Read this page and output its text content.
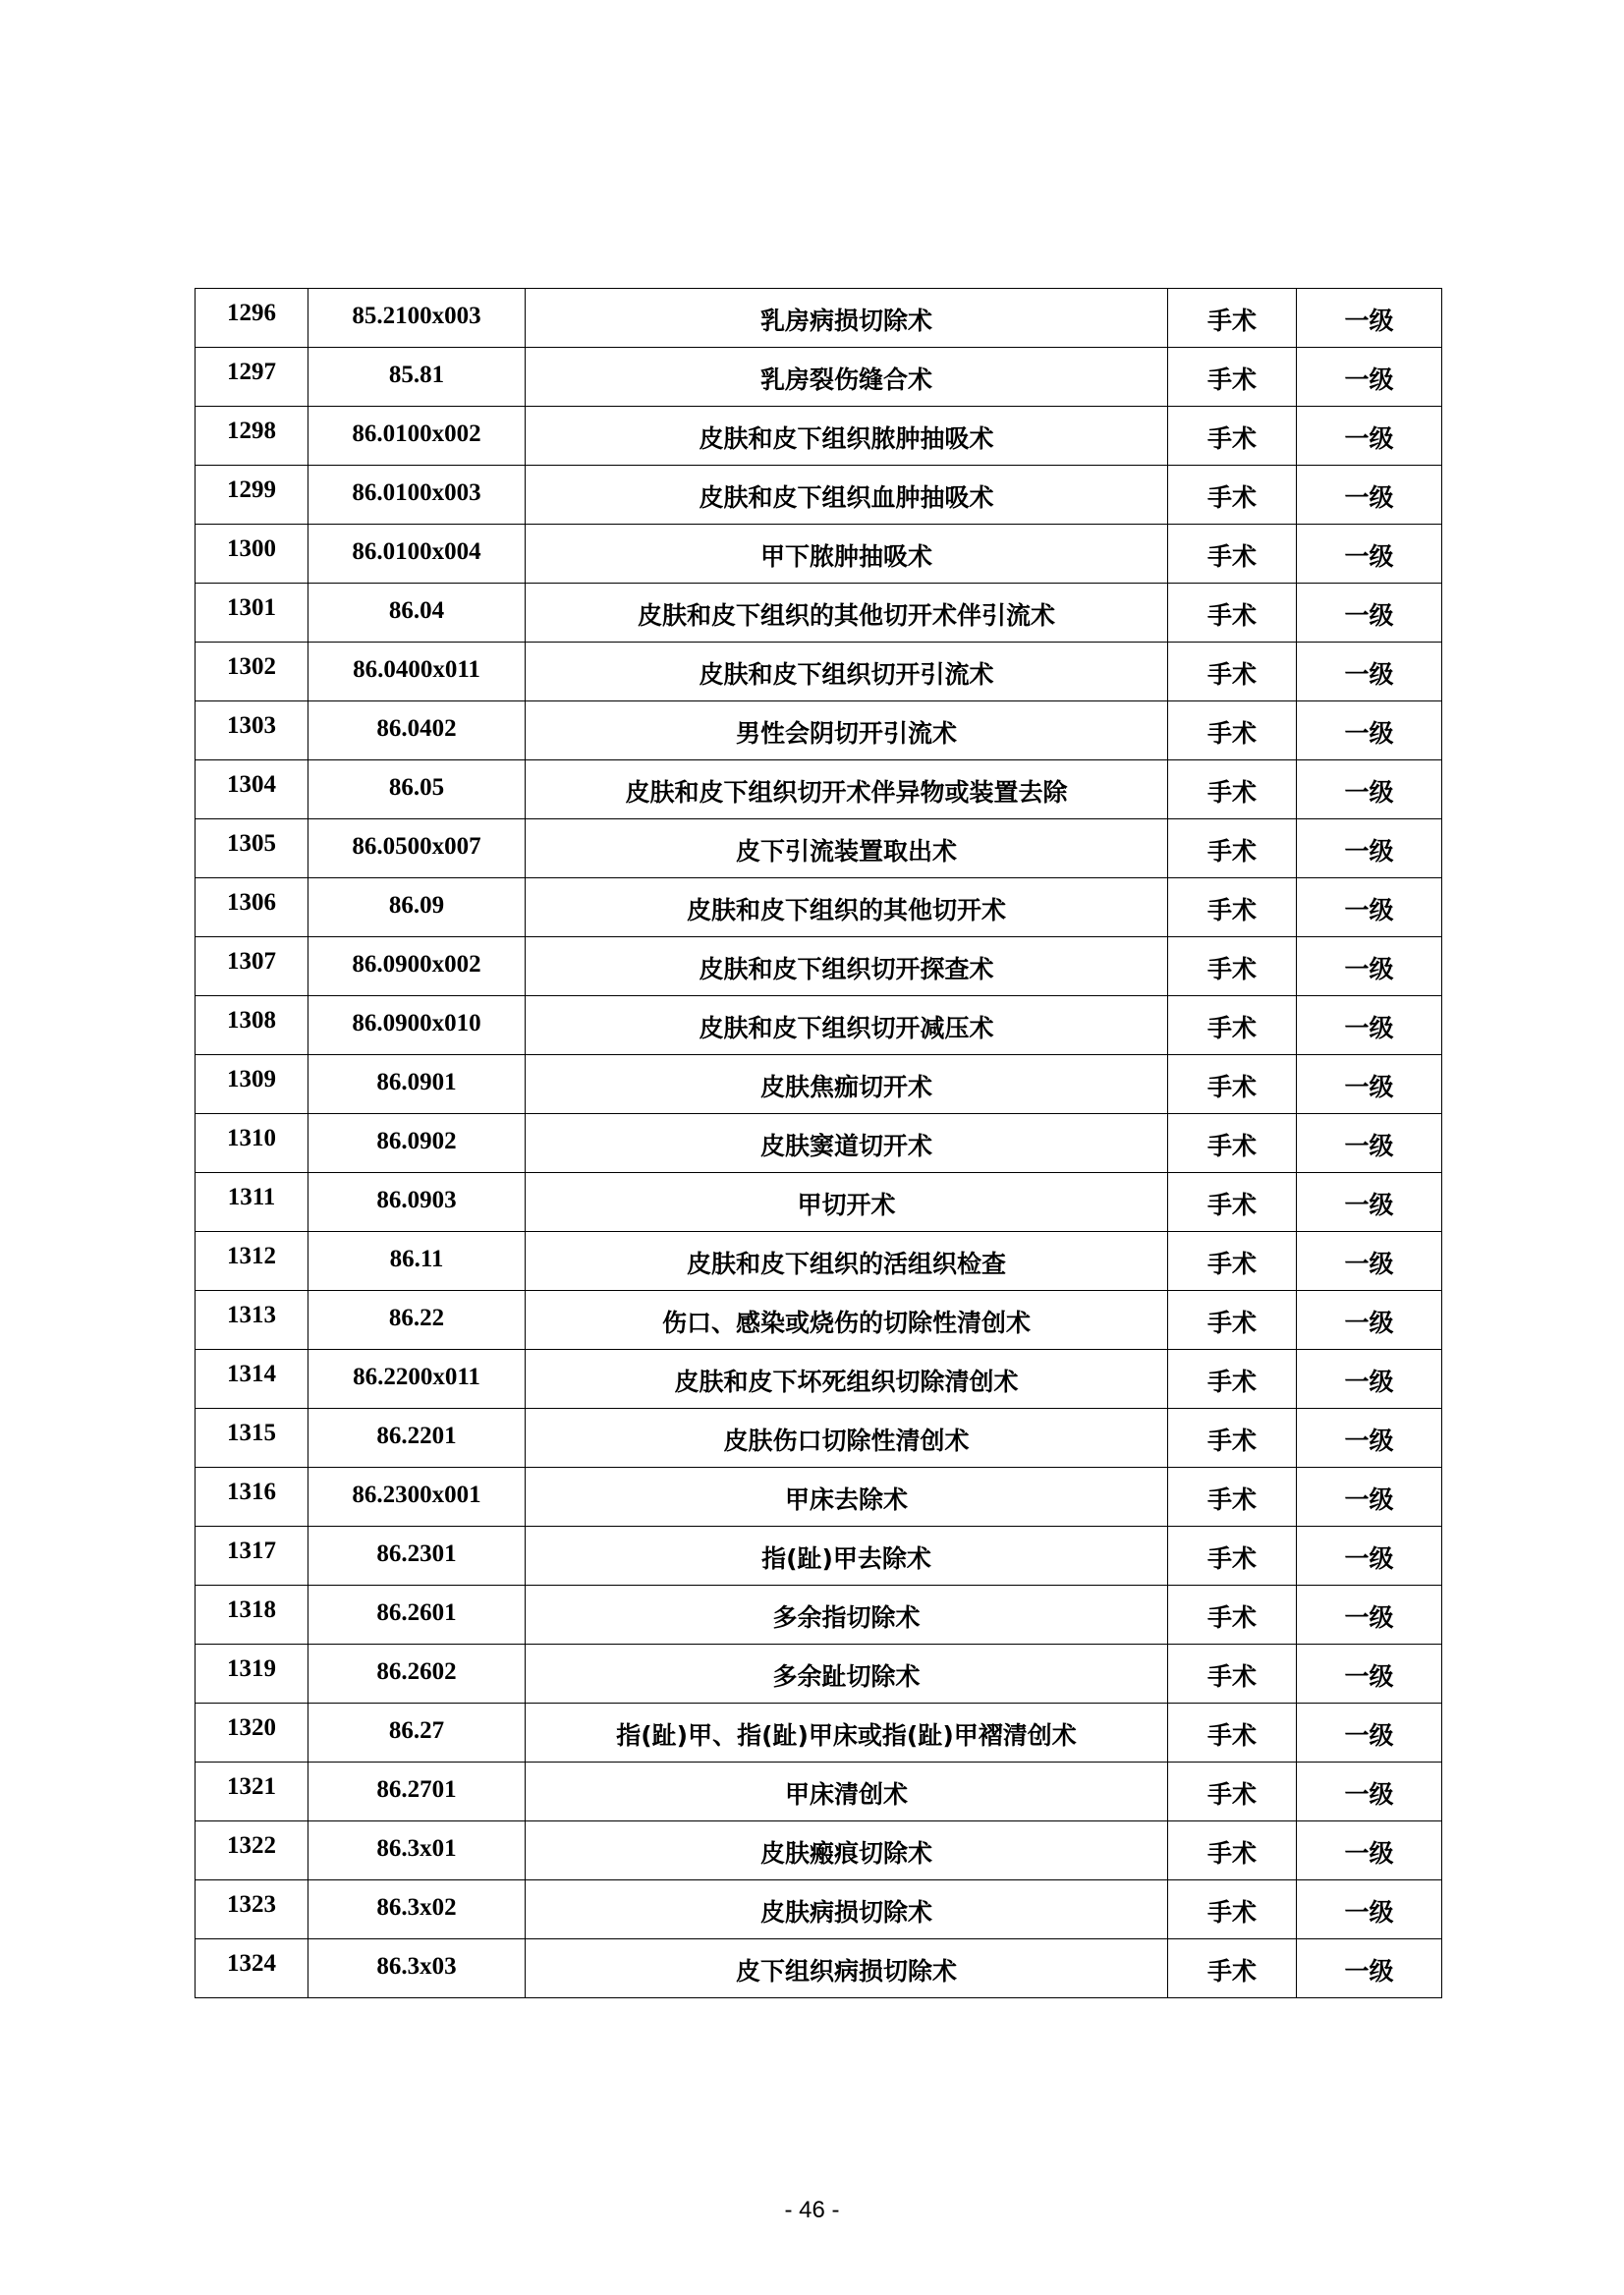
1296	85.2100x003	乳房病损切除术	手术	一级
1297	85.81	乳房裂伤缝合术	手术	一级
1298	86.0100x002	皮肤和皮下组织脓肿抽吸术	手术	一级
1299	86.0100x003	皮肤和皮下组织血肿抽吸术	手术	一级
1300	86.0100x004	甲下脓肿抽吸术	手术	一级
1301	86.04	皮肤和皮下组织的其他切开术伴引流术	手术	一级
1302	86.0400x011	皮肤和皮下组织切开引流术	手术	一级
1303	86.0402	男性会阴切开引流术	手术	一级
1304	86.05	皮肤和皮下组织切开术伴异物或装置去除	手术	一级
1305	86.0500x007	皮下引流装置取出术	手术	一级
1306	86.09	皮肤和皮下组织的其他切开术	手术	一级
1307	86.0900x002	皮肤和皮下组织切开探查术	手术	一级
1308	86.0900x010	皮肤和皮下组织切开减压术	手术	一级
1309	86.0901	皮肤焦痂切开术	手术	一级
1310	86.0902	皮肤窦道切开术	手术	一级
1311	86.0903	甲切开术	手术	一级
1312	86.11	皮肤和皮下组织的活组织检查	手术	一级
1313	86.22	伤口、感染或烧伤的切除性清创术	手术	一级
1314	86.2200x011	皮肤和皮下坏死组织切除清创术	手术	一级
1315	86.2201	皮肤伤口切除性清创术	手术	一级
1316	86.2300x001	甲床去除术	手术	一级
1317	86.2301	指(趾)甲去除术	手术	一级
1318	86.2601	多余指切除术	手术	一级
1319	86.2602	多余趾切除术	手术	一级
1320	86.27	指(趾)甲、指(趾)甲床或指(趾)甲褶清创术	手术	一级
1321	86.2701	甲床清创术	手术	一级
1322	86.3x01	皮肤瘢痕切除术	手术	一级
1323	86.3x02	皮肤病损切除术	手术	一级
1324	86.3x03	皮下组织病损切除术	手术	一级
- 46 -
